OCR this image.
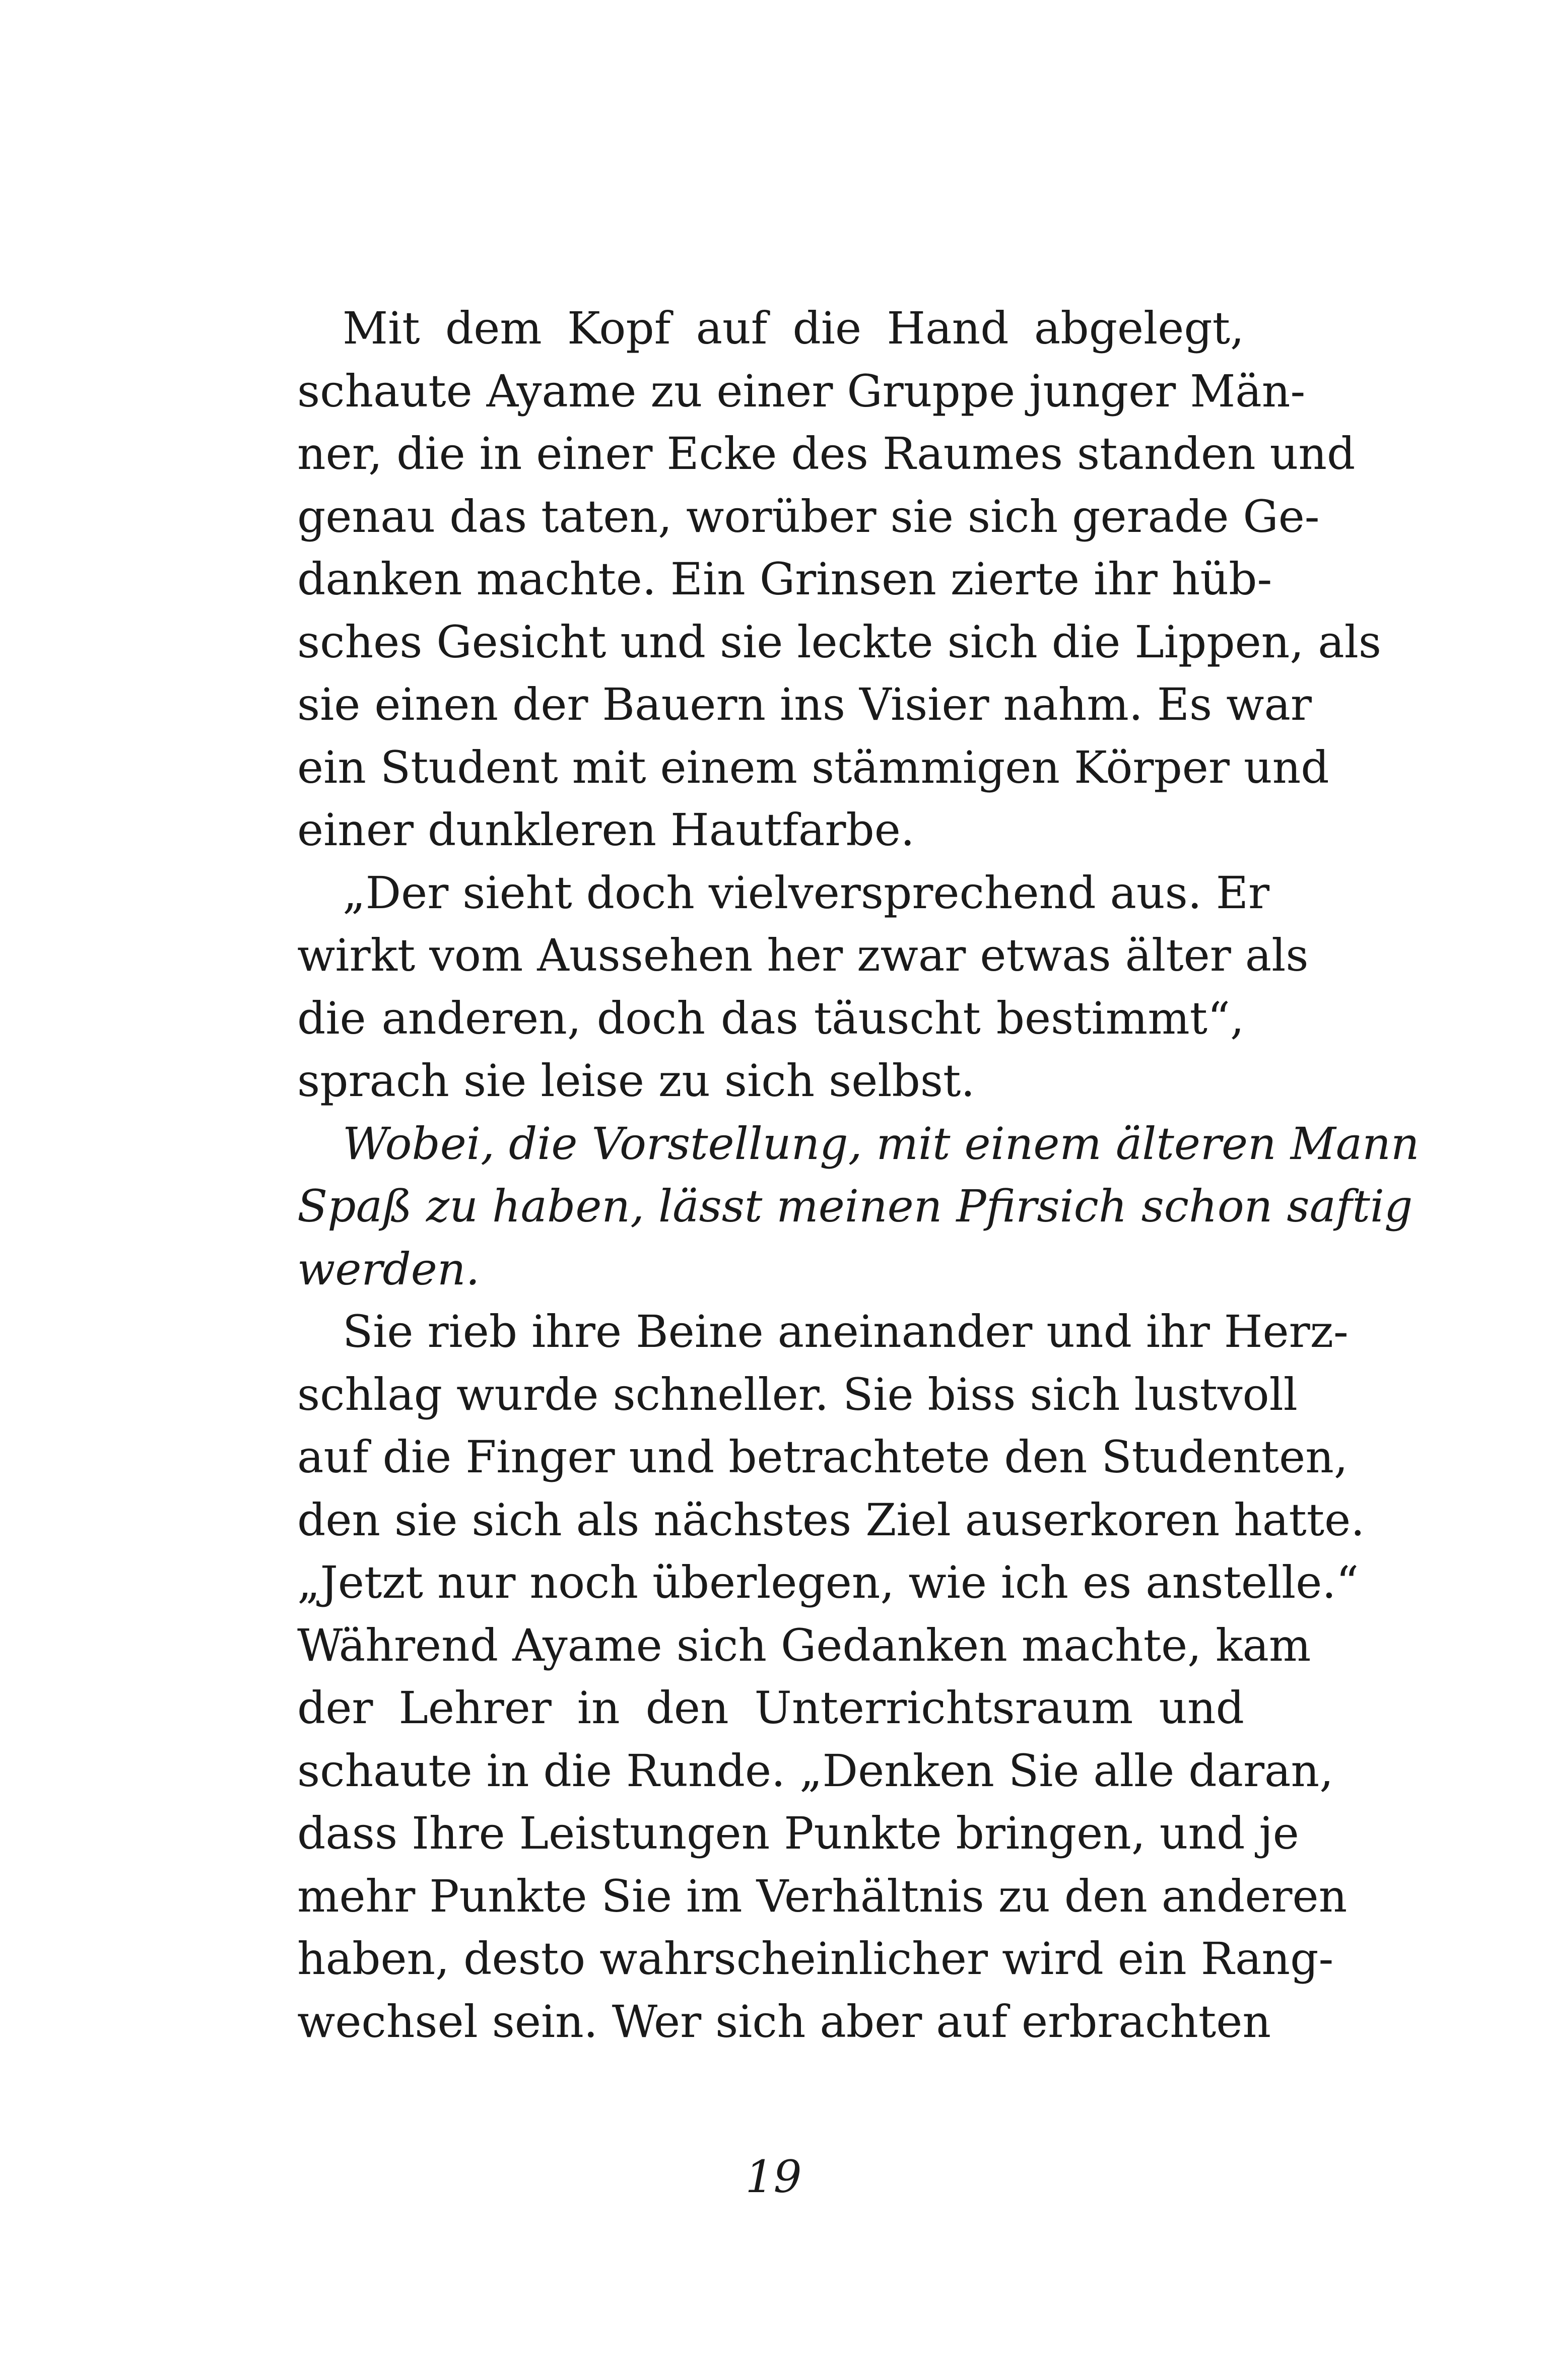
Mit dem Kopf auf die Hand abgelegt,
schaute Ayame zu einer Gruppe junger Män-
ner, die in einer Ecke des Raumes standen und
genau das taten, worüber sie sich gerade Ge-
danken machte. Ein Grinsen zierte ihr hüb-
sches Gesicht und sie leckte sich die Lippen, als
sie einen der Bauern ins Visier nahm. Es war
ein Student mit einem stämmigen Körper und
einer dunkleren Hautfarbe.
„Der sieht doch vielversprechend aus. Er
wirkt vom Aussehen her zwar etwas älter als
die anderen, doch das täuscht bestimmt“,
sprach sie leise zu sich selbst.
Wobei, die Vorstellung, mit einem älteren Mann
Spaß zu haben, lässt meinen Pfirsich schon saftig
werden.
Sie rieb ihre Beine aneinander und ihr Herz-
schlag wurde schneller. Sie biss sich lustvoll
auf die Finger und betrachtete den Studenten,
den sie sich als nächstes Ziel auserkoren hatte.
„Jetzt nur noch überlegen, wie ich es anstelle.“
Während Ayame sich Gedanken machte, kam
der Lehrer in den Unterrichtsraum und
schaute in die Runde. „Denken Sie alle daran,
dass Ihre Leistungen Punkte bringen, und je
mehr Punkte Sie im Verhältnis zu den anderen
haben, desto wahrscheinlicher wird ein Rang-
wechsel sein. Wer sich aber auf erbrachten
19
